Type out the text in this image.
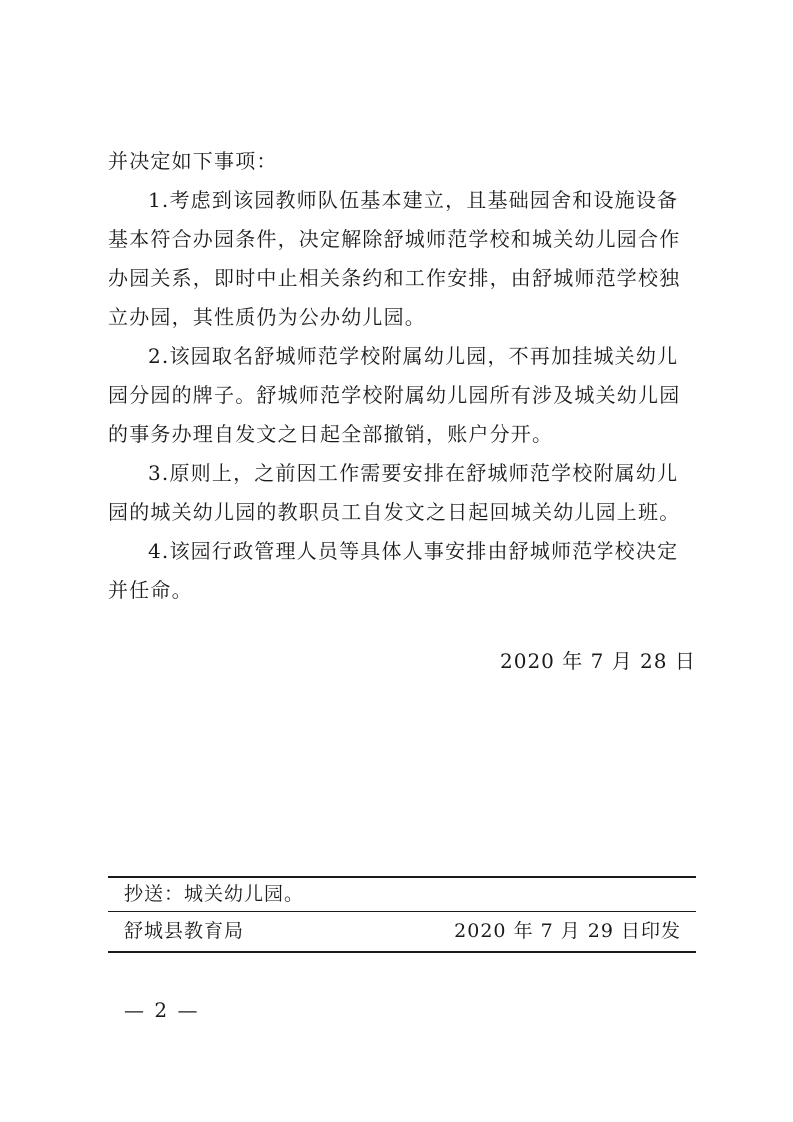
并决定如下事项：

1.考虑到该园教师队伍基本建立，且基础园舍和设施设备基本符合办园条件，决定解除舒城师范学校和城关幼儿园合作办园关系，即时中止相关条约和工作安排，由舒城师范学校独立办园，其性质仍为公办幼儿园。

2.该园取名舒城师范学校附属幼儿园，不再加挂城关幼儿园分园的牌子。舒城师范学校附属幼儿园所有涉及城关幼儿园的事务办理自发文之日起全部撤销，账户分开。

3.原则上，之前因工作需要安排在舒城师范学校附属幼儿园的城关幼儿园的教职员工自发文之日起回城关幼儿园上班。

4.该园行政管理人员等具体人事安排由舒城师范学校决定并任命。

2020 年 7 月 28 日
抄送：城关幼儿园。
舒城县教育局	2020 年 7 月 29 日印发
— 2 —
